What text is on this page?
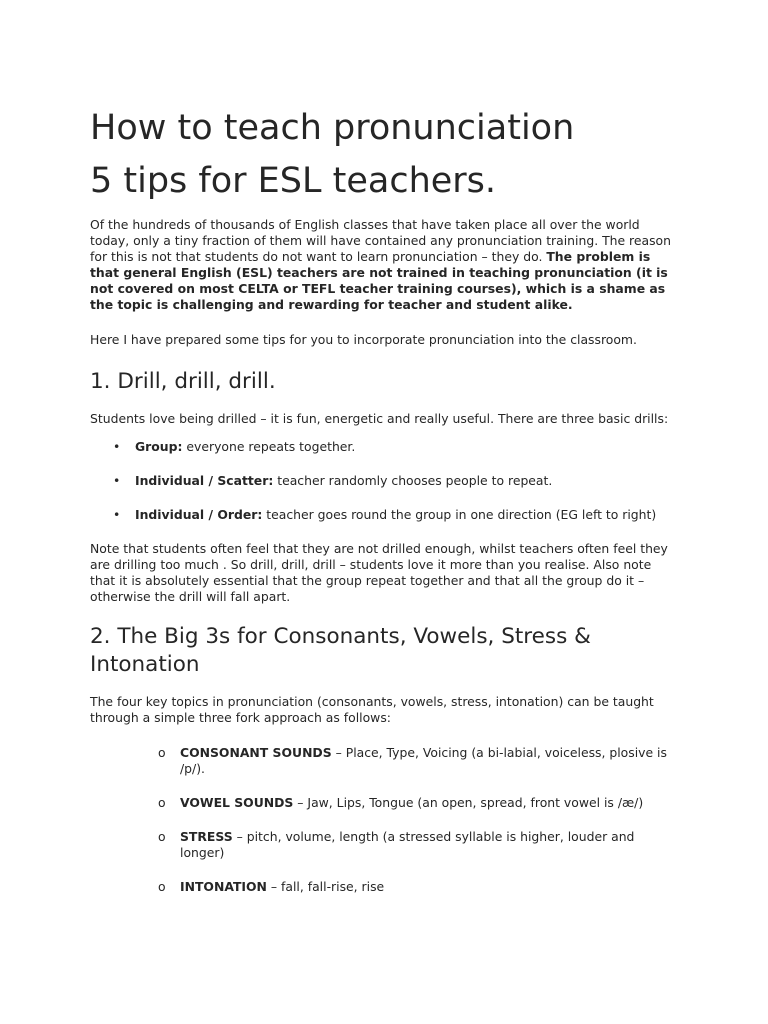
How to teach pronunciation
5 tips for ESL teachers.

Of the hundreds of thousands of English classes that have taken place all over the world today, only a tiny fraction of them will have contained any pronunciation training. The reason for this is not that students do not want to learn pronunciation – they do. The problem is that general English (ESL) teachers are not trained in teaching pronunciation (it is not covered on most CELTA or TEFL teacher training courses), which is a shame as the topic is challenging and rewarding for teacher and student alike.

Here I have prepared some tips for you to incorporate pronunciation into the classroom.

1. Drill, drill, drill.

Students love being drilled – it is fun, energetic and really useful. There are three basic drills:

• Group: everyone repeats together.
• Individual / Scatter: teacher randomly chooses people to repeat.
• Individual / Order: teacher goes round the group in one direction (EG left to right)

Note that students often feel that they are not drilled enough, whilst teachers often feel they are drilling too much . So drill, drill, drill – students love it more than you realise. Also note that it is absolutely essential that the group repeat together and that all the group do it – otherwise the drill will fall apart.

2. The Big 3s for Consonants, Vowels, Stress & Intonation

The four key topics in pronunciation (consonants, vowels, stress, intonation) can be taught through a simple three fork approach as follows:

o CONSONANT SOUNDS – Place, Type, Voicing (a bi-labial, voiceless, plosive is /p/).
o VOWEL SOUNDS – Jaw, Lips, Tongue (an open, spread, front vowel is /æ/)
o STRESS – pitch, volume, length (a stressed syllable is higher, louder and longer)
o INTONATION – fall, fall-rise, rise
